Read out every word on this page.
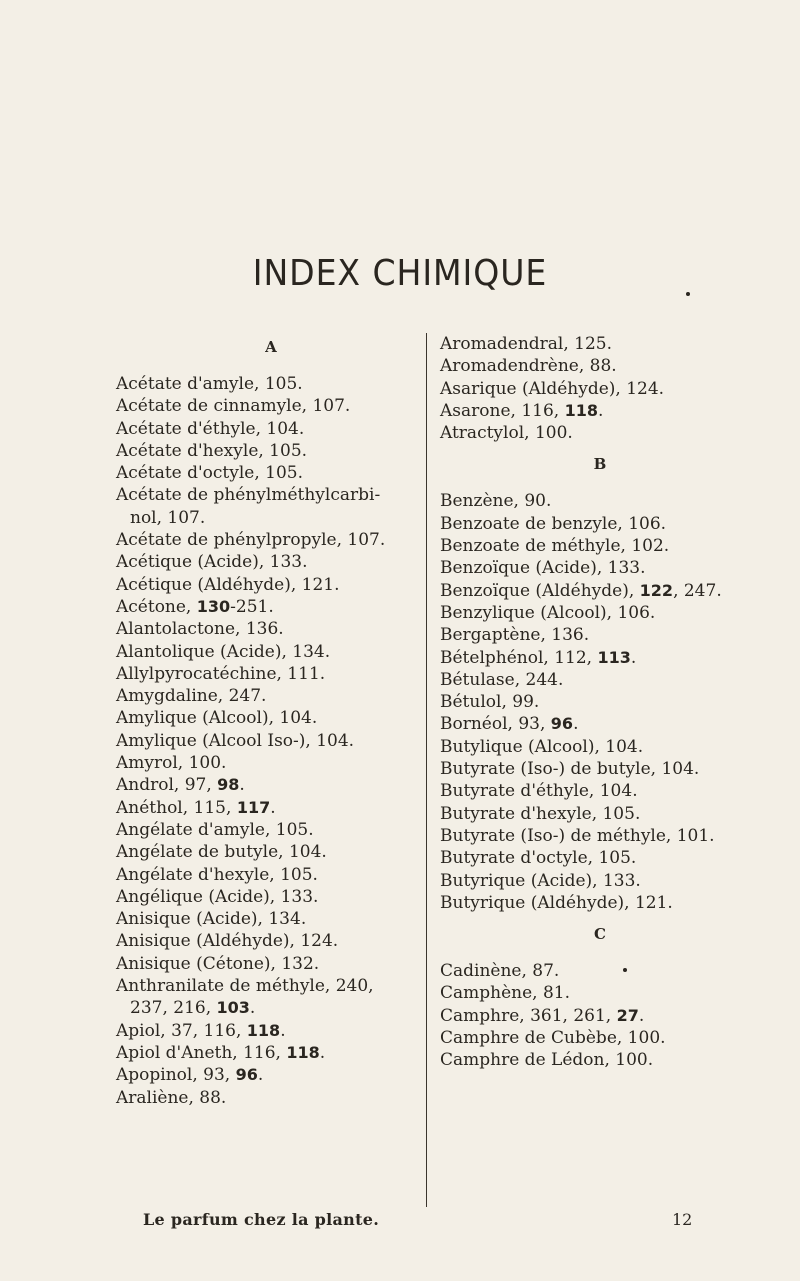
INDEX CHIMIQUE
A
Acétate d'amyle, 105.
Acétate de cinnamyle, 107.
Acétate d'éthyle, 104.
Acétate d'hexyle, 105.
Acétate d'octyle, 105.
Acétate de phénylméthylcarbi-
nol, 107.
Acétate de phénylpropyle, 107.
Acétique (Acide), 133.
Acétique (Aldéhyde), 121.
Acétone, 130-251.
Alantolactone, 136.
Alantolique (Acide), 134.
Allylpyrocatéchine, 111.
Amygdaline, 247.
Amylique (Alcool), 104.
Amylique (Alcool Iso-), 104.
Amyrol, 100.
Androl, 97, 98.
Anéthol, 115, 117.
Angélate d'amyle, 105.
Angélate de butyle, 104.
Angélate d'hexyle, 105.
Angélique (Acide), 133.
Anisique (Acide), 134.
Anisique (Aldéhyde), 124.
Anisique (Cétone), 132.
Anthranilate de méthyle, 240,
237, 216, 103.
Apiol, 37, 116, 118.
Apiol d'Aneth, 116, 118.
Apopinol, 93, 96.
Araliène, 88.
Aromadendral, 125.
Aromadendrène, 88.
Asarique (Aldéhyde), 124.
Asarone, 116, 118.
Atractylol, 100.
B
Benzène, 90.
Benzoate de benzyle, 106.
Benzoate de méthyle, 102.
Benzoïque (Acide), 133.
Benzoïque (Aldéhyde), 122, 247.
Benzylique (Alcool), 106.
Bergaptène, 136.
Bételphénol, 112, 113.
Bétulase, 244.
Bétulol, 99.
Bornéol, 93, 96.
Butylique (Alcool), 104.
Butyrate (Iso-) de butyle, 104.
Butyrate d'éthyle, 104.
Butyrate d'hexyle, 105.
Butyrate (Iso-) de méthyle, 101.
Butyrate d'octyle, 105.
Butyrique (Acide), 133.
Butyrique (Aldéhyde), 121.
C
Cadinène, 87.
Camphène, 81.
Camphre, 361, 261, 27.
Camphre de Cubèbe, 100.
Camphre de Lédon, 100.
Le parfum chez la plante.	12
